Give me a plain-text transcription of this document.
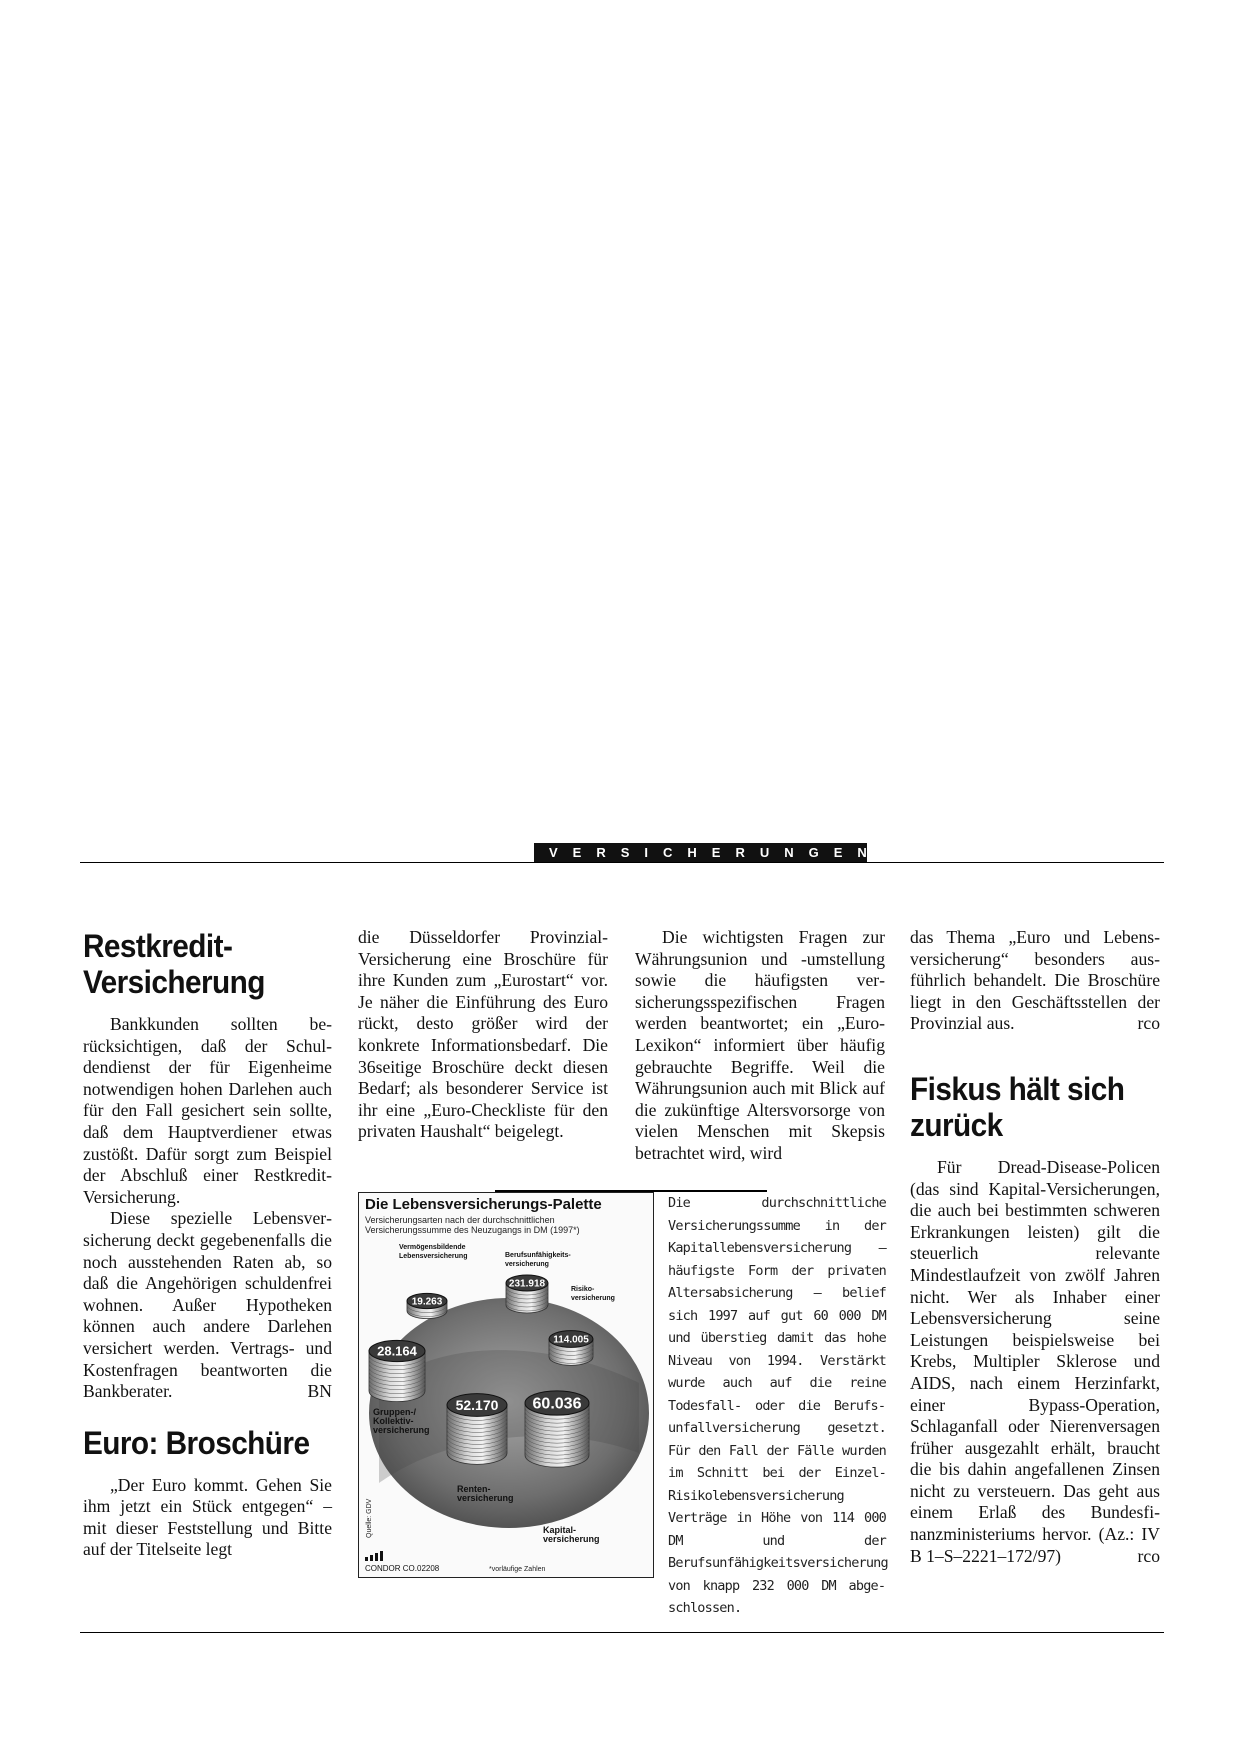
VERSICHERUNGEN
Restkredit-
Versicherung

Bankkunden sollten berücksichtigen, daß der Schuldendienst der für Eigenheime notwendigen hohen Darlehen auch für den Fall gesichert sein sollte, daß dem Hauptverdiener etwas zustößt. Dafür sorgt zum Beispiel der Abschluß einer Restkredit-Versicherung.

Diese spezielle Lebensversicherung deckt gegebenenfalls die noch ausstehenden Raten ab, so daß die Angehörigen schuldenfrei wohnen. Außer Hypotheken können auch andere Darlehen versichert werden. Vertrags- und Kostenfragen beantworten die Bankberater.	BN

Euro: Broschüre

„Der Euro kommt. Gehen Sie ihm jetzt ein Stück entgegen“ – mit dieser Feststellung und Bitte auf der Titelseite legt

die Düsseldorfer Provinzial-Versicherung eine Broschüre für ihre Kunden zum „Eurostart“ vor. Je näher die Einführung des Euro rückt, desto größer wird der konkrete Informationsbedarf. Die 36seitige Broschüre deckt diesen Bedarf; als besonderer Service ist ihr eine „Euro-Checkliste für den privaten Haushalt“ beigelegt.

Die wichtigsten Fragen zur Währungsunion und -umstellung sowie die häufigsten versicherungsspezifischen Fragen werden beantwortet; ein „Euro-Lexikon“ informiert über häufig gebrauchte Begriffe. Weil die Währungsunion auch mit Blick auf die zukünftige Altersvorsorge von vielen Menschen mit Skepsis betrachtet wird, wird

das Thema „Euro und Lebensversicherung“ besonders ausführlich behandelt. Die Broschüre liegt in den Geschäftsstellen der Provinzial aus.	rco

Fiskus hält sich zurück

Für Dread-Disease-Policen (das sind Kapital-Versicherungen, die auch bei bestimmten schweren Erkrankungen leisten) gilt die steuerlich relevante Mindestlaufzeit von zwölf Jahren nicht. Wer als Inhaber einer Lebensversicherung seine Leistungen beispielsweise bei Krebs, Multipler Sklerose und AIDS, nach einem Herzinfarkt, einer Bypass-Operation, Schlaganfall oder Nierenversagen früher ausgezahlt erhält, braucht die bis dahin angefallenen Zinsen nicht zu versteuern. Das geht aus einem Erlaß des Bundesfinanzministeriums hervor. (Az.: IV B 1–S–2221–172/97)	rco

Die Lebensversicherungs-Palette
Versicherungsarten nach der durchschnittlichen
Versicherungssumme des Neuzugangs in DM (1997*)
19.263
Vermögensbildende
Lebensversicherung
231.918
Berufsunfähigkeits-
versicherung
114.005
Risiko-
versicherung
28.164
Gruppen-/
Kollektiv-
versicherung
52.170
Renten-
versicherung
60.036
Kapital-
versicherung
Quelle: GDV
CONDOR CO.02208	*vorläufige Zahlen
Die durchschnittliche Versicherungssumme in der Kapitallebensversicherung – häufigste Form der privaten Altersabsicherung – belief sich 1997 auf gut 60 000 DM und überstieg damit das hohe Niveau von 1994. Verstärkt wurde auch auf die reine Todesfall- oder die Berufsunfallversicherung gesetzt. Für den Fall der Fälle wurden im Schnitt bei der Einzel-Risikolebensversicherung Verträge in Höhe von 114 000 DM und der Berufsunfähigkeitsversicherung von knapp 232 000 DM abgeschlossen.
